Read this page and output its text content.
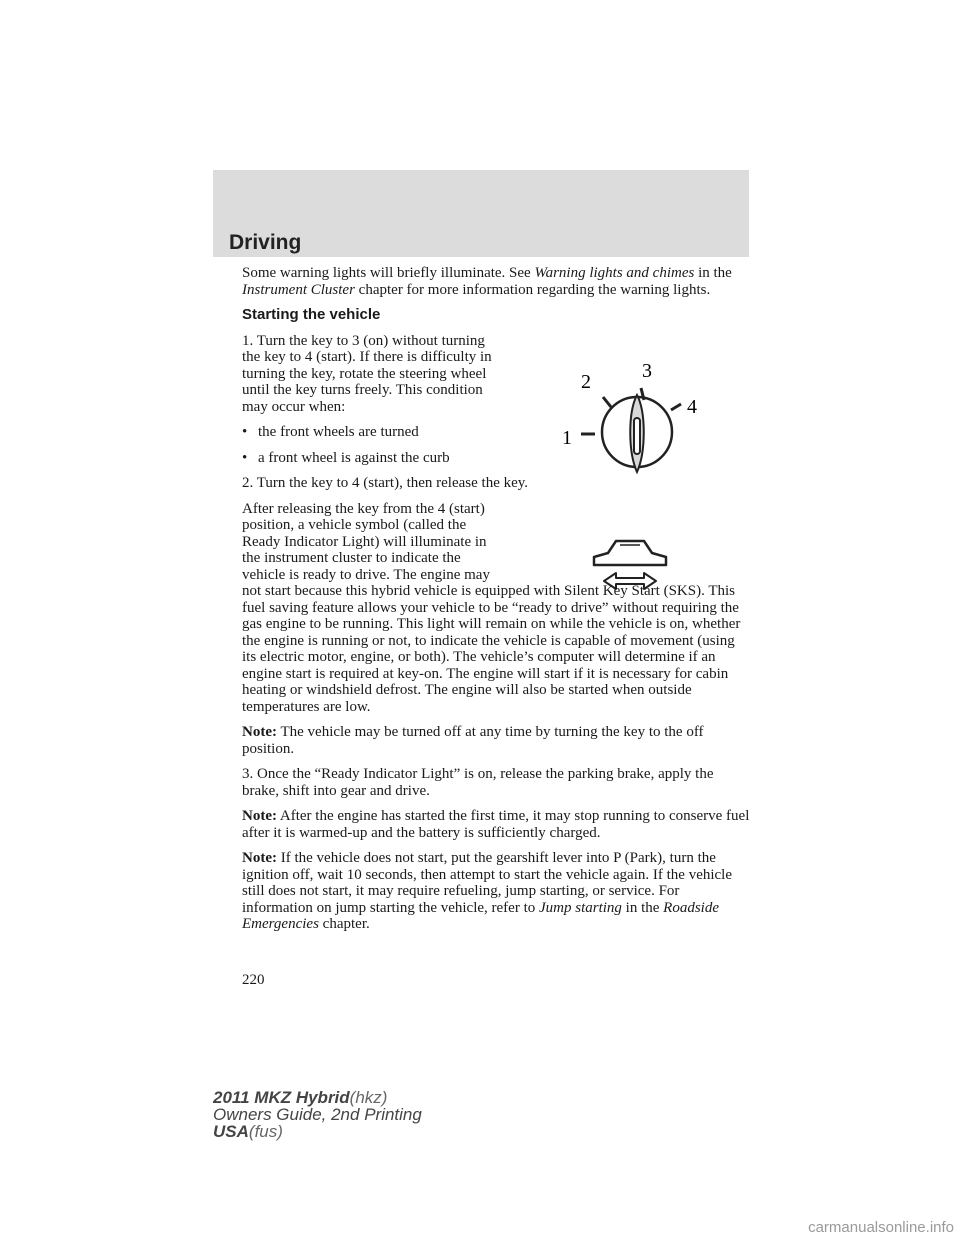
Driving
1
2	3
4

Some warning lights will briefly illuminate. See Warning lights and chimes in the Instrument Cluster chapter for more information regarding the warning lights.

Starting the vehicle

1. Turn the key to 3 (on) without turning the key to 4 (start). If there is difficulty in turning the key, rotate the steering wheel until the key turns freely. This condition may occur when:

• the front wheels are turned
• a front wheel is against the curb

2. Turn the key to 4 (start), then release the key.

After releasing the key from the 4 (start) position, a vehicle symbol (called the Ready Indicator Light) will illuminate in the instrument cluster to indicate the vehicle is ready to drive. The engine may not start because this hybrid vehicle is equipped with Silent Key Start (SKS). This fuel saving feature allows your vehicle to be “ready to drive” without requiring the gas engine to be running. This light will remain on while the vehicle is on, whether the engine is running or not, to indicate the vehicle is capable of movement (using its electric motor, engine, or both). The vehicle’s computer will determine if an engine start is required at key-on. The engine will start if it is necessary for cabin heating or windshield defrost. The engine will also be started when outside temperatures are low.

Note: The vehicle may be turned off at any time by turning the key to the off position.

3. Once the “Ready Indicator Light” is on, release the parking brake, apply the brake, shift into gear and drive.

Note: After the engine has started the first time, it may stop running to conserve fuel after it is warmed-up and the battery is sufficiently charged.

Note: If the vehicle does not start, put the gearshift lever into P (Park), turn the ignition off, wait 10 seconds, then attempt to start the vehicle again. If the vehicle still does not start, it may require refueling, jump starting, or service. For information on jump starting the vehicle, refer to Jump starting in the Roadside Emergencies chapter.

220
2011 MKZ Hybrid(hkz)
Owners Guide, 2nd Printing
USA(fus)
carmanualsonline.info
